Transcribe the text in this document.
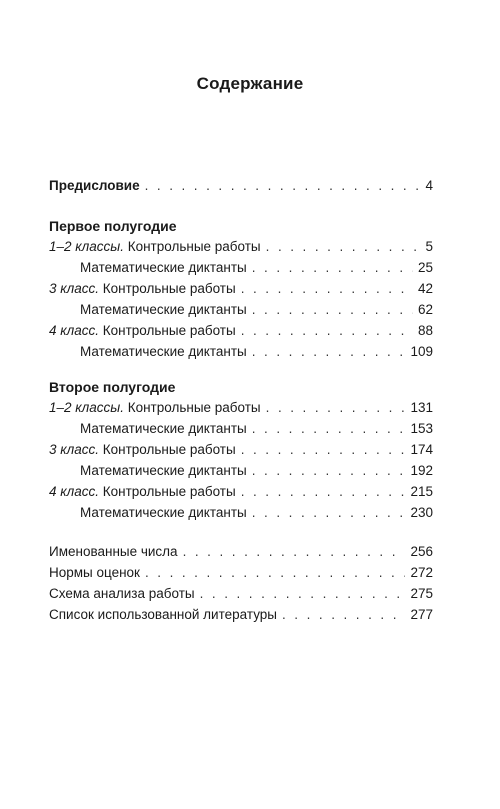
Содержание
Предисловие . . .	4
Первое полугодие
1–2 классы. Контрольные работы . . .	5
Математические диктанты . . .	25
3 класс. Контрольные работы . . .	42
Математические диктанты . . .	62
4 класс. Контрольные работы . . .	88
Математические диктанты . . .	109
Второе полугодие
1–2 классы. Контрольные работы . . .	131
Математические диктанты . . .	153
3 класс. Контрольные работы . . .	174
Математические диктанты . . .	192
4 класс. Контрольные работы . . .	215
Математические диктанты . . .	230
Именованные числа . . .	256
Нормы оценок . . .	272
Схема анализа работы . . .	275
Список использованной литературы . . .	277
